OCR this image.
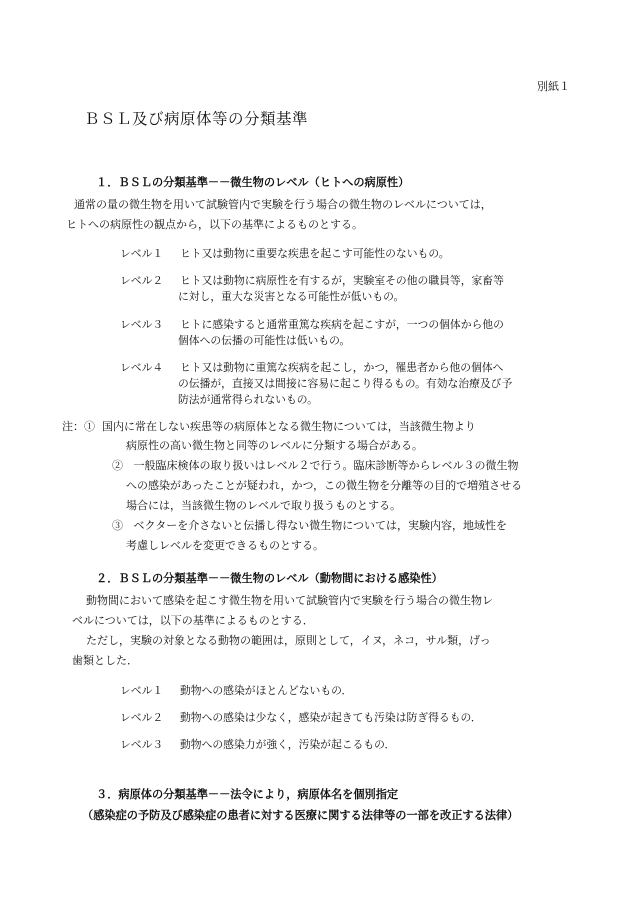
別紙１
ＢＳＬ及び病原体等の分類基準
１．ＢＳＬの分類基準－－微生物のレベル（ヒトへの病原性）
通常の量の微生物を用いて試験管内で実験を行う場合の微生物のレベルについては，
ヒトへの病原性の観点から，以下の基準によるものとする。
レベル１ ヒト又は動物に重要な疾患を起こす可能性のないもの。
レベル２ ヒト又は動物に病原性を有するが，実験室その他の職員等，家畜等
に対し，重大な災害となる可能性が低いもの。
レベル３ ヒトに感染すると通常重篤な疾病を起こすが，一つの個体から他の
個体への伝播の可能性は低いもの。
レベル４ ヒト又は動物に重篤な疾病を起こし，かつ，罹患者から他の個体へ
の伝播が，直接又は間接に容易に起こり得るもの。有効な治療及び予
防法が通常得られないもの。
注：① 国内に常在しない疾患等の病原体となる微生物については，当該微生物より
病原性の高い微生物と同等のレベルに分類する場合がある。
② 一般臨床検体の取り扱いはレベル２で行う。臨床診断等からレベル３の微生物
への感染があったことが疑われ，かつ，この微生物を分離等の目的で増殖させる
場合には，当該微生物のレベルで取り扱うものとする。
③ ベクターを介さないと伝播し得ない微生物については，実験内容，地域性を
考慮しレベルを変更できるものとする。
２．ＢＳＬの分類基準－－微生物のレベル（動物間における感染性）
動物間において感染を起こす微生物を用いて試験管内で実験を行う場合の微生物レ
ベルについては，以下の基準によるものとする．
ただし，実験の対象となる動物の範囲は，原則として，イヌ，ネコ，サル類，げっ
歯類とした．
レベル１ 動物への感染がほとんどないもの．
レベル２ 動物への感染は少なく，感染が起きても汚染は防ぎ得るもの．
レベル３ 動物への感染力が強く，汚染が起こるもの．
３．病原体の分類基準－－法令により，病原体名を個別指定
（感染症の予防及び感染症の患者に対する医療に関する法律等の一部を改正する法律）
